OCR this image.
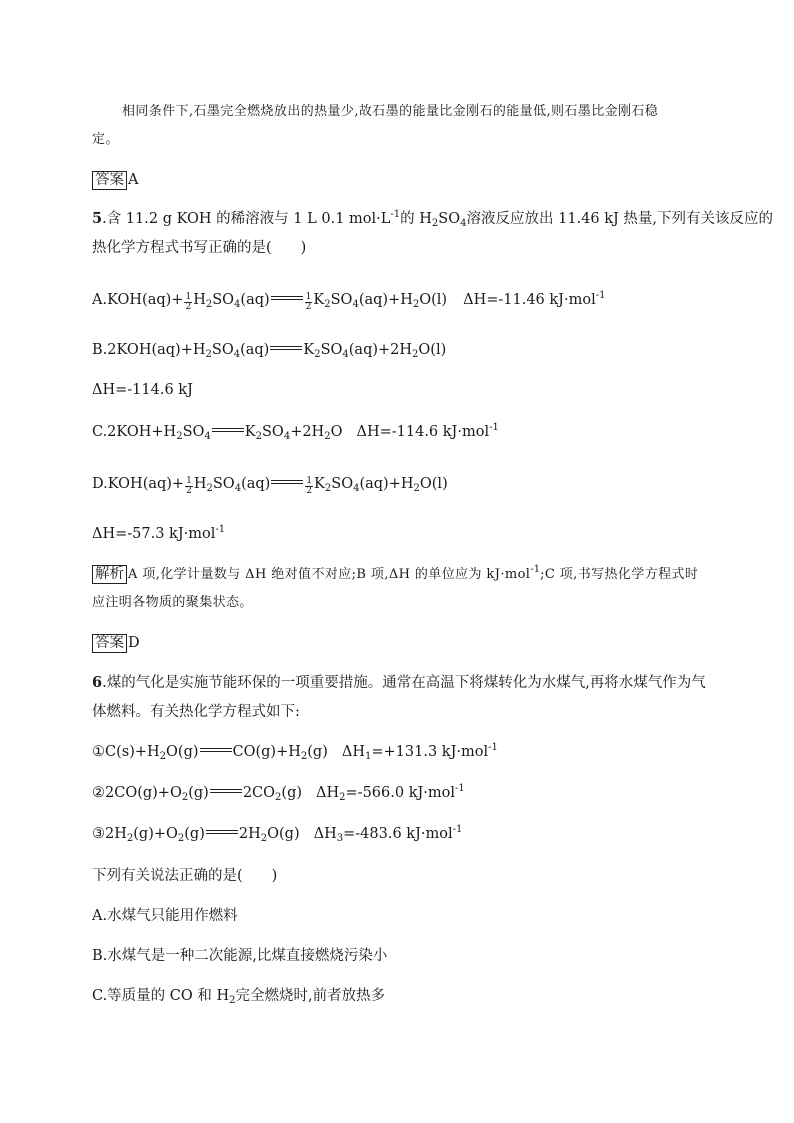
相同条件下,石墨完全燃烧放出的热量少,故石墨的能量比金刚石的能量低,则石墨比金刚石稳
定。
答案 A
5.含 11.2 g KOH 的稀溶液与 1 L 0.1 $mol\cdot L^{-1}$的 $H_2SO_4$溶液反应放出 11.46 kJ 热量,下列有关该反应的
热化学方程式书写正确的是(　　)
$A.KOH(aq)+ \frac{1}{2} H_2SO_4(aq)$	$\frac{1}{2} K_2SO_4(aq)+H_2O(l)$ ΔH=-11.46 kJ·mol$^{-1}$
$B.2KOH(aq)+H_2SO_4(aq)$ $K_2SO_4(aq)+2H_2O(l)$
ΔH=-114.6 kJ
$C.2KOH+H_2SO_4$ $K_2SO_4+2H_2O$ ΔH=-114.6 kJ·mol$^{-1}$
$D.KOH(aq)+ \frac{1}{2} H_2SO_4(aq)$	$\frac{1}{2} K_2SO_4(aq)+H_2O(l)$
ΔH=-57.3 kJ·mol$^{-1}$
解析 A 项,化学计量数与 ΔH 绝对值不对应;B 项,ΔH 的单位应为 kJ·mol$^{-1}$;C 项,书写热化学方程式时
应注明各物质的聚集状态。
答案 D
6.煤的气化是实施节能环保的一项重要措施。通常在高温下将煤转化为水煤气,再将水煤气作为气
体燃料。有关热化学方程式如下:
$①C(s)+H_2O(g)$ $CO(g)+H_2(g)$ $\Delta H_1=+131.3$ kJ·mol$^{-1}$
$②2CO(g)+O_2(g)$ $2CO_2(g)$ $\Delta H_2=-566.0$ kJ·mol$^{-1}$
$③2H_2(g)+O_2(g)$ $2H_2O(g)$ $\Delta H_3=-483.6$ kJ·mol$^{-1}$
下列有关说法正确的是(　　)
A.水煤气只能用作燃料
B.水煤气是一种二次能源,比煤直接燃烧污染小
C.等质量的 CO 和 $H_2$完全燃烧时,前者放热多
